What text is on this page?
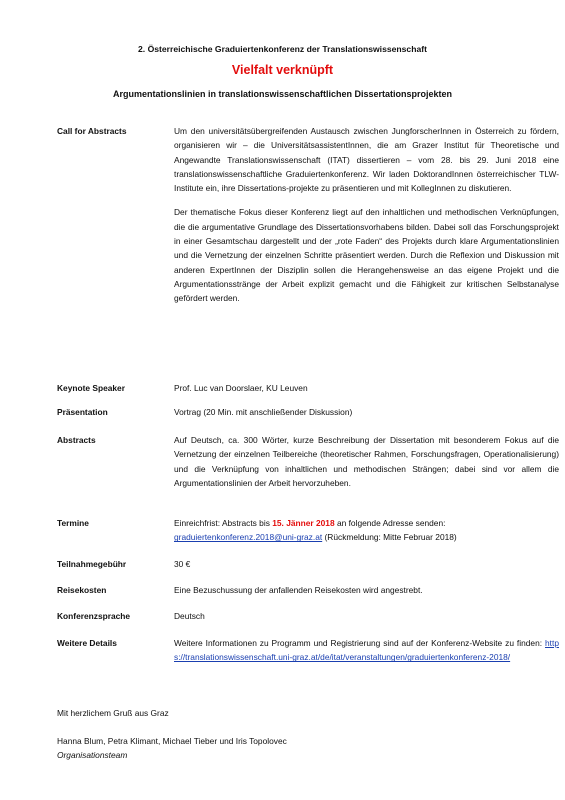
2. Österreichische Graduiertenkonferenz der Translationswissenschaft
Vielfalt verknüpft
Argumentationslinien in translationswissenschaftlichen Dissertationsprojekten
Call for Abstracts	Um den universitätsübergreifenden Austausch zwischen JungforscherInnen in Österreich zu fördern, organisieren wir – die UniversitätsassistentInnen, die am Grazer Institut für Theoretische und Angewandte Translationswissenschaft (ITAT) dissertieren – vom 28. bis 29. Juni 2018 eine translationswissenschaftliche Graduiertenkonferenz. Wir laden DoktorandInnen österreichischer TLW-Institute ein, ihre Dissertations-projekte zu präsentieren und mit KollegInnen zu diskutieren.

Der thematische Fokus dieser Konferenz liegt auf den inhaltlichen und methodischen Verknüpfungen, die die argumentative Grundlage des Dissertationsvorhabens bilden. Dabei soll das Forschungsprojekt in einer Gesamtschau dargestellt und der „rote Faden“ des Projekts durch klare Argumentationslinien und die Vernetzung der einzelnen Schritte präsentiert werden. Durch die Reflexion und Diskussion mit anderen ExpertInnen der Disziplin sollen die Herangehensweise an das eigene Projekt und die Argumentationsstränge der Arbeit explizit gemacht und die Fähigkeit zur kritischen Selbstanalyse gefördert werden.

Keynote Speaker	Prof. Luc van Doorslaer, KU Leuven
Präsentation	Vortrag (20 Min. mit anschließender Diskussion)
Abstracts	Auf Deutsch, ca. 300 Wörter, kurze Beschreibung der Dissertation mit besonderem Fokus auf die Vernetzung der einzelnen Teilbereiche (theoretischer Rahmen, Forschungsfragen, Operationalisierung) und die Verknüpfung von inhaltlichen und methodischen Strängen; dabei sind vor allem die Argumentationslinien der Arbeit hervorzuheben.
Termine	Einreichfrist: Abstracts bis 15. Jänner 2018 an folgende Adresse senden:
graduiertenkonferenz.2018@uni-graz.at (Rückmeldung: Mitte Februar 2018)
Teilnahmegebühr	30 €
Reisekosten	Eine Bezuschussung der anfallenden Reisekosten wird angestrebt.
Konferenzsprache	Deutsch
Weitere Details	Weitere Informationen zu Programm und Registrierung sind auf der Konferenz-Website zu finden: https://translationswissenschaft.uni-graz.at/de/itat/veranstaltungen/graduiertenkonferenz-2018/
Mit herzlichem Gruß aus Graz
Hanna Blum, Petra Klimant, Michael Tieber und Iris Topolovec
Organisationsteam
